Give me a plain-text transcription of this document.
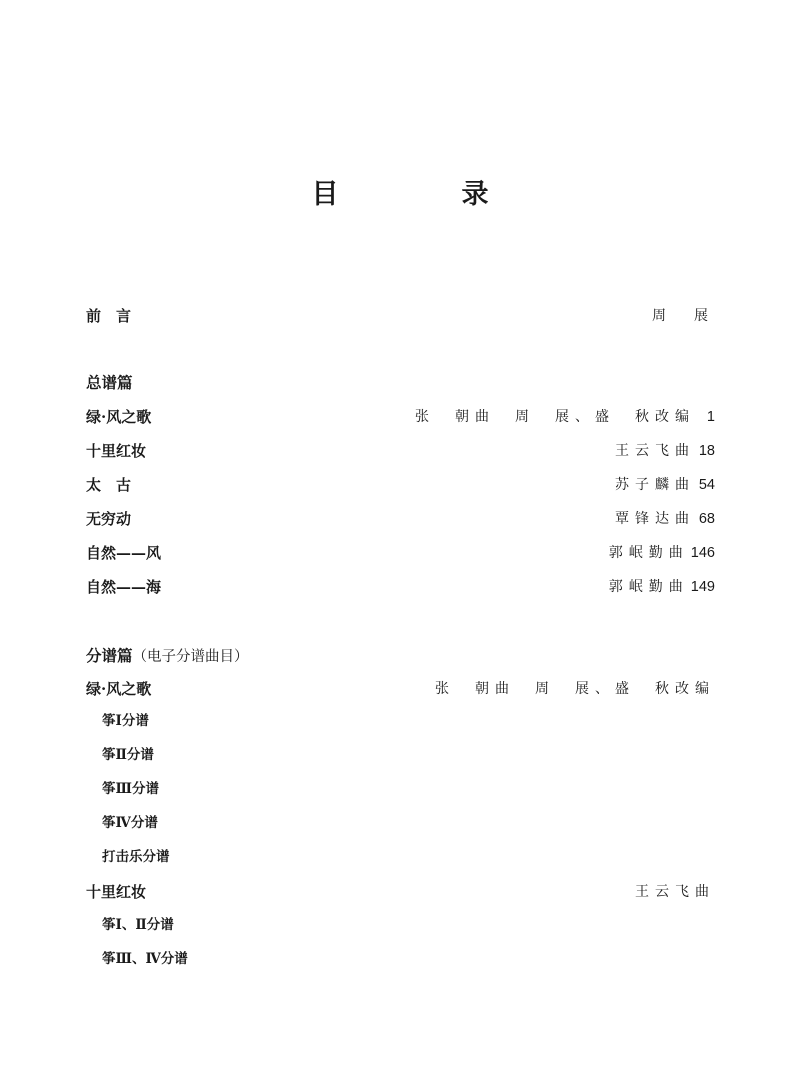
目　录
前　言	周　展
总谱篇
绿·风之歌	张　朝曲　周　展、盛　秋改编 1
十里红妆	王云飞曲 18
太　古	苏子麟曲 54
无穷动	覃锋达曲 68
自然——风	郭岷勤曲 146
自然——海	郭岷勤曲 149
分谱篇（电子分谱曲目）
绿·风之歌	张　朝曲　周　展、盛　秋改编
筝Ⅰ分谱
筝Ⅱ分谱
筝Ⅲ分谱
筝Ⅳ分谱
打击乐分谱
十里红妆	王云飞曲
筝Ⅰ、Ⅱ分谱
筝Ⅲ、Ⅳ分谱
